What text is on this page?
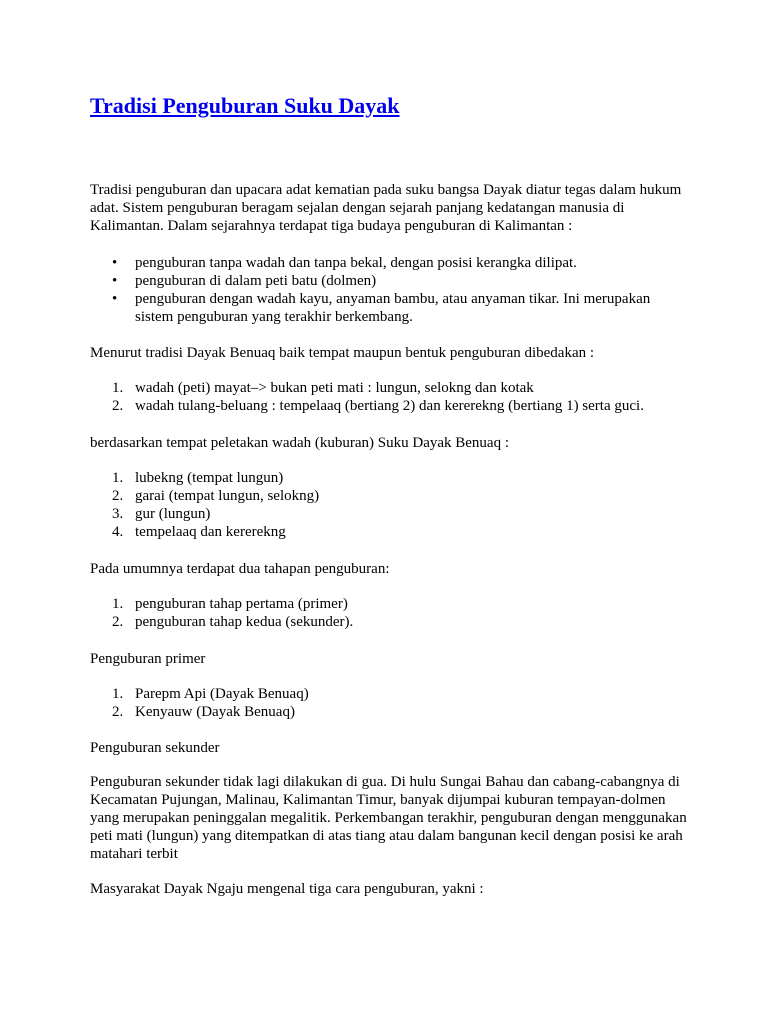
Tradisi Penguburan Suku Dayak

Tradisi penguburan dan upacara adat kematian pada suku bangsa Dayak diatur tegas dalam hukum adat. Sistem penguburan beragam sejalan dengan sejarah panjang kedatangan manusia di Kalimantan. Dalam sejarahnya terdapat tiga budaya penguburan di Kalimantan :

• penguburan tanpa wadah dan tanpa bekal, dengan posisi kerangka dilipat.
• penguburan di dalam peti batu (dolmen)
• penguburan dengan wadah kayu, anyaman bambu, atau anyaman tikar. Ini merupakan sistem penguburan yang terakhir berkembang.

Menurut tradisi Dayak Benuaq baik tempat maupun bentuk penguburan dibedakan :

1. wadah (peti) mayat–> bukan peti mati : lungun, selokng dan kotak
2. wadah tulang-beluang : tempelaaq (bertiang 2) dan kererekng (bertiang 1) serta guci.

berdasarkan tempat peletakan wadah (kuburan) Suku Dayak Benuaq :

1. lubekng (tempat lungun)
2. garai (tempat lungun, selokng)
3. gur (lungun)
4. tempelaaq dan kererekng

Pada umumnya terdapat dua tahapan penguburan:

1. penguburan tahap pertama (primer)
2. penguburan tahap kedua (sekunder).

Penguburan primer

1. Parepm Api (Dayak Benuaq)
2. Kenyauw (Dayak Benuaq)

Penguburan sekunder

Penguburan sekunder tidak lagi dilakukan di gua. Di hulu Sungai Bahau dan cabang-cabangnya di Kecamatan Pujungan, Malinau, Kalimantan Timur, banyak dijumpai kuburan tempayan-dolmen yang merupakan peninggalan megalitik. Perkembangan terakhir, penguburan dengan menggunakan peti mati (lungun) yang ditempatkan di atas tiang atau dalam bangunan kecil dengan posisi ke arah matahari terbit

Masyarakat Dayak Ngaju mengenal tiga cara penguburan, yakni :
